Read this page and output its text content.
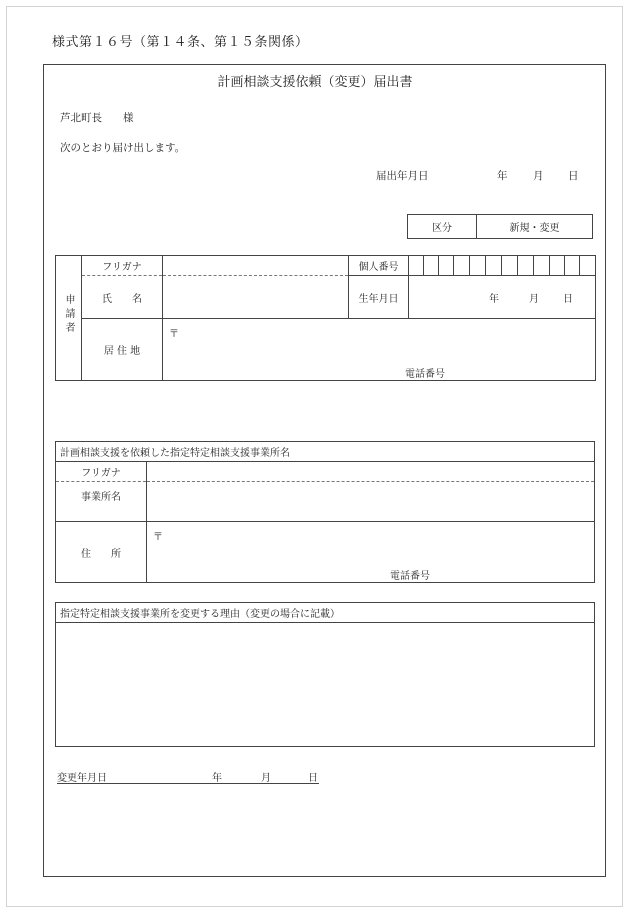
様式第１６号（第１４条、第１５条関係）
計画相談支援依頼（変更）届出書
芦北町長　　様
次のとおり届け出します。
届出年月日	年 月 日
区分	新規・変更
申請者	フリガナ		個人番号												
	氏　　名		生年月日	年 月 日											

	居 住 地	〒
電話番号													
計画相談支援を依頼した指定特定相談支援事業所名	
フリガナ	
事業所名	
住　　所	〒
電話番号
指定特定相談支援事業所を変更する理由（変更の場合に記載）

変更年月日	年	月	日
